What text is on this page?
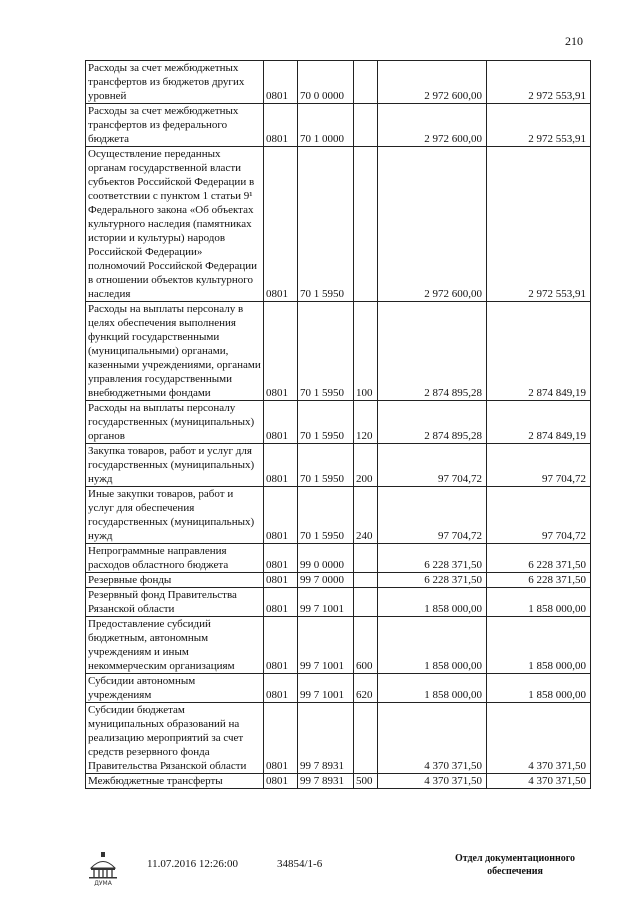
210
Расходы за счет межбюджетных трансфертов из бюджетов других уровней	0801	70 0 0000		2 972 600,00	2 972 553,91
Расходы за счет межбюджетных трансфертов из федерального бюджета	0801	70 1 0000		2 972 600,00	2 972 553,91
Осуществление переданных органам государственной власти субъектов Российской Федерации в соответствии с пунктом 1 статьи 9¹ Федерального закона «Об объектах культурного наследия (памятниках истории и культуры) народов Российской Федерации» полномочий Российской Федерации в отношении объектов культурного наследия	0801	70 1 5950		2 972 600,00	2 972 553,91
Расходы на выплаты персоналу в целях обеспечения выполнения функций государственными (муниципальными) органами, казенными учреждениями, органами управления государственными внебюджетными фондами	0801	70 1 5950	100	2 874 895,28	2 874 849,19
Расходы на выплаты персоналу государственных (муниципальных) органов	0801	70 1 5950	120	2 874 895,28	2 874 849,19
Закупка товаров, работ и услуг для государственных (муниципальных) нужд	0801	70 1 5950	200	97 704,72	97 704,72
Иные закупки товаров, работ и услуг для обеспечения государственных (муниципальных) нужд	0801	70 1 5950	240	97 704,72	97 704,72
Непрограммные направления расходов областного бюджета	0801	99 0 0000		6 228 371,50	6 228 371,50
Резервные фонды	0801	99 7 0000		6 228 371,50	6 228 371,50
Резервный фонд Правительства Рязанской области	0801	99 7 1001		1 858 000,00	1 858 000,00
Предоставление субсидий бюджетным, автономным учреждениям и иным некоммерческим организациям	0801	99 7 1001	600	1 858 000,00	1 858 000,00
Субсидии автономным учреждениям	0801	99 7 1001	620	1 858 000,00	1 858 000,00
Субсидии бюджетам муниципальных образований на реализацию мероприятий за счет средств резервного фонда Правительства Рязанской области	0801	99 7 8931		4 370 371,50	4 370 371,50
Межбюджетные трансферты	0801	99 7 8931	500	4 370 371,50	4 370 371,50
ДУМА
11.07.2016 12:26:00	34854/1-6	Отдел документационного обеспечения
